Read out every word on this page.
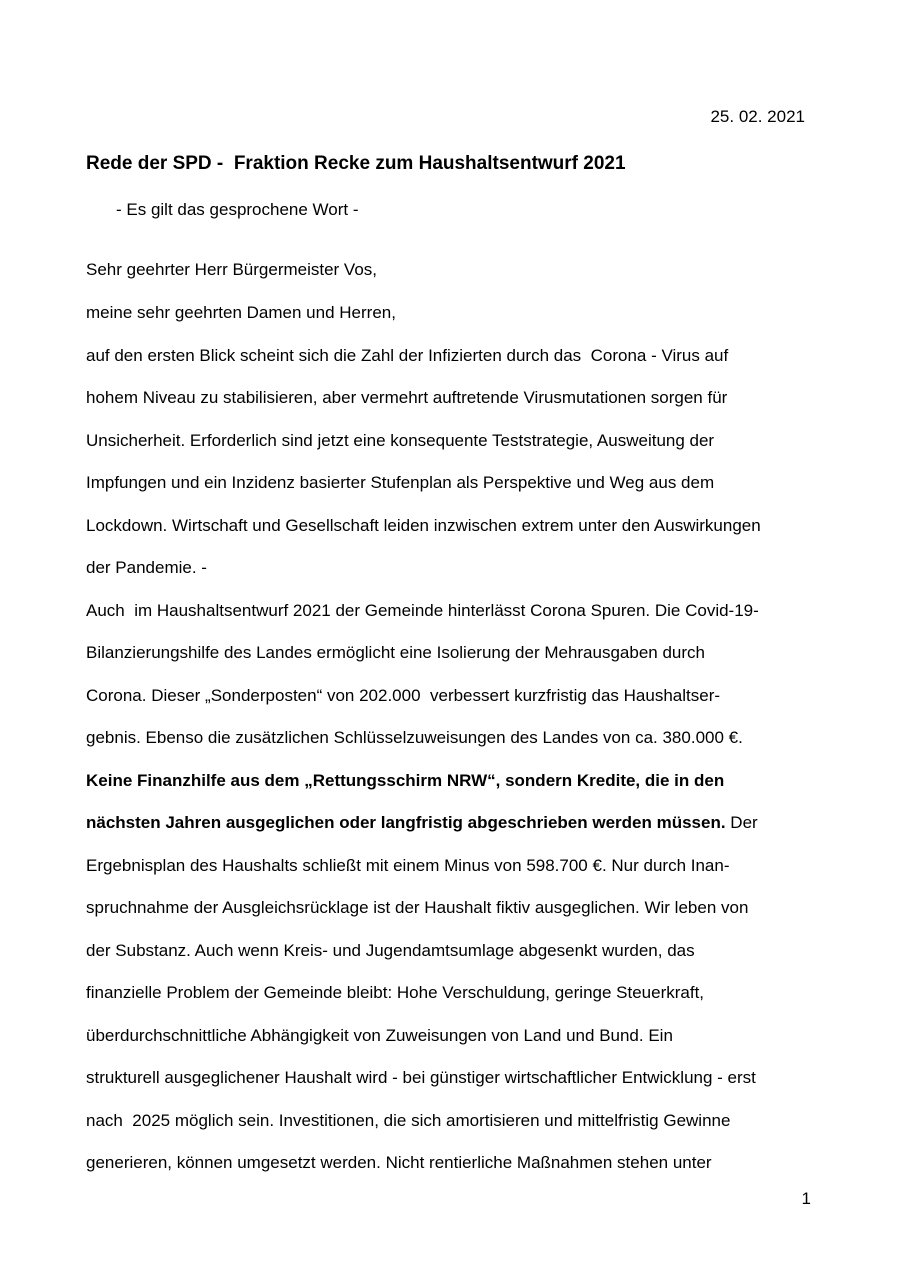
25. 02. 2021
Rede der SPD -  Fraktion Recke zum Haushaltsentwurf 2021
- Es gilt das gesprochene Wort -
Sehr geehrter Herr Bürgermeister Vos,
meine sehr geehrten Damen und Herren,
auf den ersten Blick scheint sich die Zahl der Infizierten durch das  Corona - Virus auf
hohem Niveau zu stabilisieren, aber vermehrt auftretende Virusmutationen sorgen für
Unsicherheit. Erforderlich sind jetzt eine konsequente Teststrategie, Ausweitung der
Impfungen und ein Inzidenz basierter Stufenplan als Perspektive und Weg aus dem
Lockdown. Wirtschaft und Gesellschaft leiden inzwischen extrem unter den Auswirkungen
der Pandemie. -
Auch  im Haushaltsentwurf 2021 der Gemeinde hinterlässt Corona Spuren. Die Covid-19-
Bilanzierungshilfe des Landes ermöglicht eine Isolierung der Mehrausgaben durch
Corona. Dieser „Sonderposten“ von 202.000  verbessert kurzfristig das Haushaltser-
gebnis. Ebenso die zusätzlichen Schlüsselzuweisungen des Landes von ca. 380.000 €.
Keine Finanzhilfe aus dem „Rettungsschirm NRW“, sondern Kredite, die in den
nächsten Jahren ausgeglichen oder langfristig abgeschrieben werden müssen. Der
Ergebnisplan des Haushalts schließt mit einem Minus von 598.700 €. Nur durch Inan-
spruchnahme der Ausgleichsrücklage ist der Haushalt fiktiv ausgeglichen. Wir leben von
der Substanz. Auch wenn Kreis- und Jugendamtsumlage abgesenkt wurden, das
finanzielle Problem der Gemeinde bleibt: Hohe Verschuldung, geringe Steuerkraft,
überdurchschnittliche Abhängigkeit von Zuweisungen von Land und Bund. Ein
strukturell ausgeglichener Haushalt wird - bei günstiger wirtschaftlicher Entwicklung - erst
nach  2025 möglich sein. Investitionen, die sich amortisieren und mittelfristig Gewinne
generieren, können umgesetzt werden. Nicht rentierliche Maßnahmen stehen unter
1
